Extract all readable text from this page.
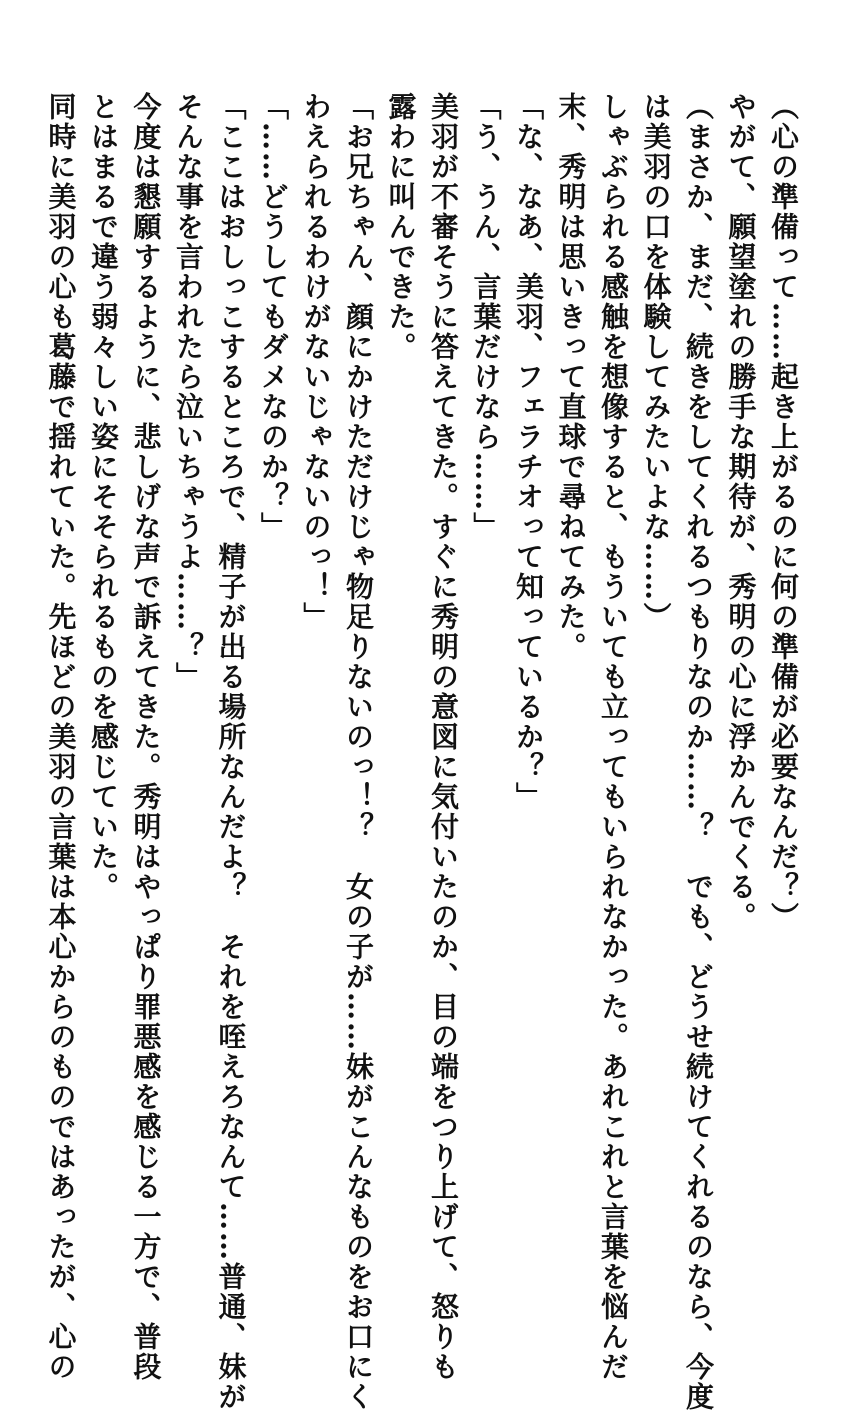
（心の準備って……起き上がるのに何の準備が必要なんだ？）
やがて、願望塗れの勝手な期待が、秀明の心に浮かんでくる。
（まさか、まだ、続きをしてくれるつもりなのか……？　でも、どうせ続けてくれるのなら、今度
は美羽の口を体験してみたいよな……）
しゃぶられる感触を想像すると、もういても立ってもいられなかった。あれこれと言葉を悩んだ
末、秀明は思いきって直球で尋ねてみた。
「な、なあ、美羽、フェラチオって知っているか？」
「う、うん、言葉だけなら……」
美羽が不審そうに答えてきた。すぐに秀明の意図に気付いたのか、目の端をつり上げて、怒りも
露わに叫んできた。
「お兄ちゃん、顔にかけただけじゃ物足りないのっ！？　女の子が……妹がこんなものをお口にく
わえられるわけがないじゃないのっ！」
「……どうしてもダメなのか？」
「ここはおしっこするところで、精子が出る場所なんだよ？　それを咥えろなんて……普通、妹が
そんな事を言われたら泣いちゃうよ……？」
今度は懇願するように、悲しげな声で訴えてきた。秀明はやっぱり罪悪感を感じる一方で、普段
とはまるで違う弱々しい姿にそそられるものを感じていた。
同時に美羽の心も葛藤で揺れていた。先ほどの美羽の言葉は本心からのものではあったが、心の
